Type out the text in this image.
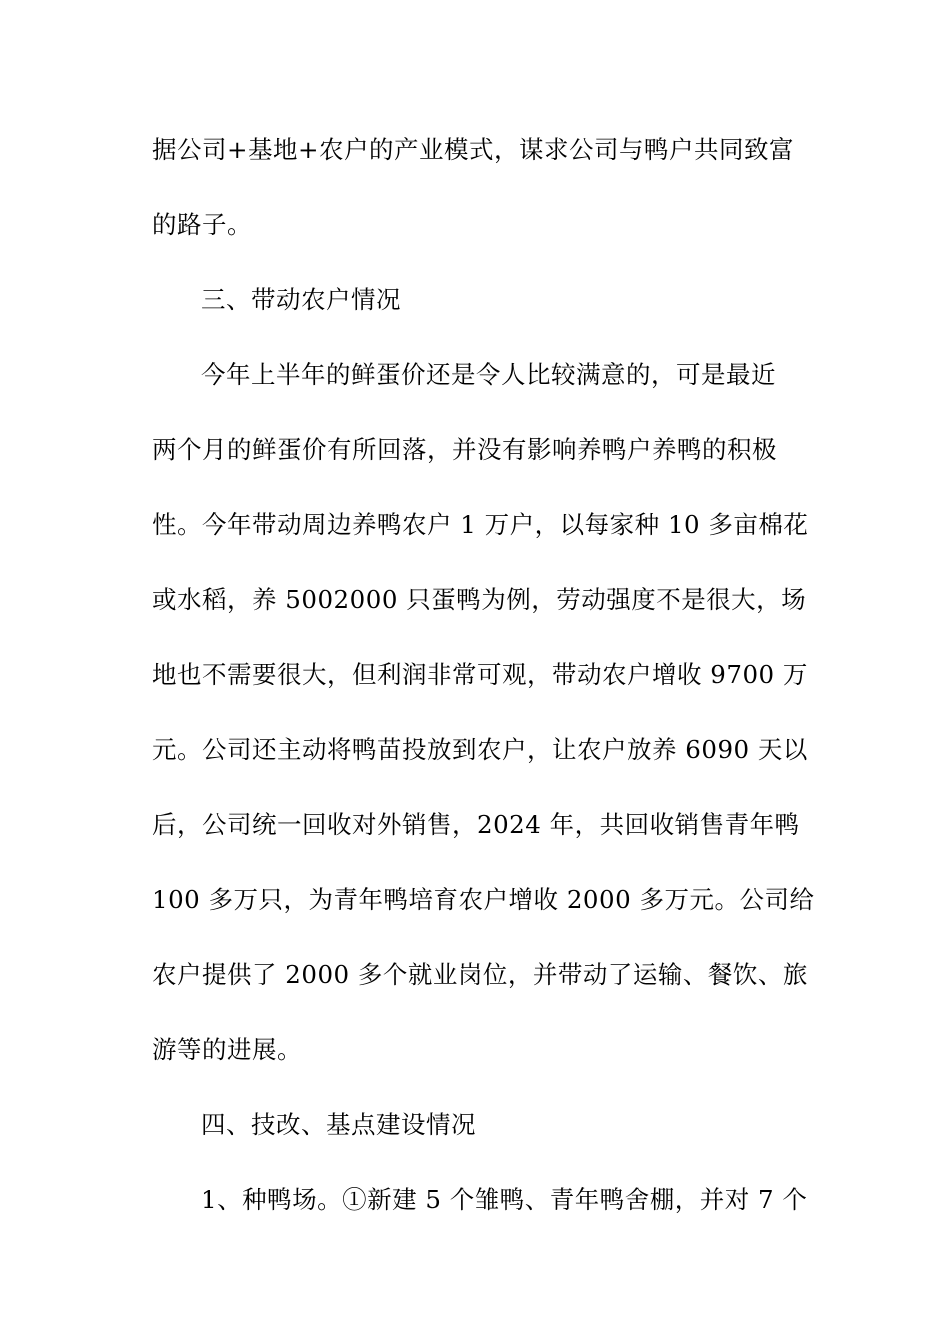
据公司+基地+农户的产业模式，谋求公司与鸭户共同致富
的路子。
三、带动农户情况
今年上半年的鲜蛋价还是令人比较满意的，可是最近
两个月的鲜蛋价有所回落，并没有影响养鸭户养鸭的积极
性。今年带动周边养鸭农户 1 万户，以每家种 10 多亩棉花
或水稻，养 5002000 只蛋鸭为例，劳动强度不是很大，场
地也不需要很大，但利润非常可观，带动农户增收 9700 万
元。公司还主动将鸭苗投放到农户，让农户放养 6090 天以
后，公司统一回收对外销售，2024 年，共回收销售青年鸭
100 多万只，为青年鸭培育农户增收 2000 多万元。公司给
农户提供了 2000 多个就业岗位，并带动了运输、餐饮、旅
游等的进展。
四、技改、基点建设情况
1、种鸭场。①新建 5 个雏鸭、青年鸭舍棚，并对 7 个
